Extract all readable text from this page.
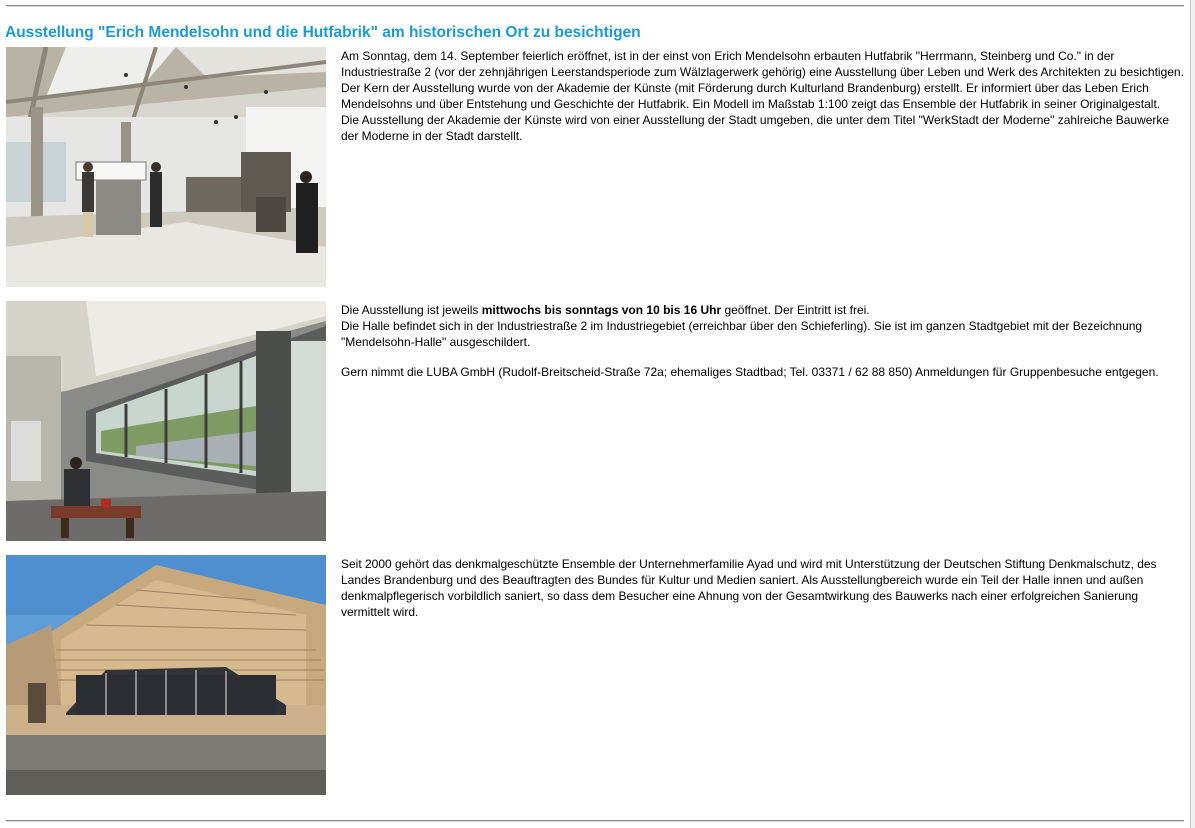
Ausstellung "Erich Mendelsohn und die Hutfabrik" am historischen Ort zu besichtigen

Am Sonntag, dem 14. September feierlich eröffnet, ist in der einst von Erich Mendelsohn erbauten Hutfabrik "Herrmann, Steinberg und Co." in der Industriestraße 2 (vor der zehnjährigen Leerstandsperiode zum Wälzlagerwerk gehörig) eine Ausstellung über Leben und Werk des Architekten zu besichtigen.

Der Kern der Ausstellung wurde von der Akademie der Künste (mit Förderung durch Kulturland Brandenburg) erstellt. Er informiert über das Leben Erich Mendelsohns und über Entstehung und Geschichte der Hutfabrik. Ein Modell im Maßstab 1:100 zeigt das Ensemble der Hutfabrik in seiner Originalgestalt.

Die Ausstellung der Akademie der Künste wird von einer Ausstellung der Stadt umgeben, die unter dem Titel "WerkStadt der Moderne" zahlreiche Bauwerke der Moderne in der Stadt darstellt.

Die Ausstellung ist jeweils mittwochs bis sonntags von 10 bis 16 Uhr geöffnet. Der Eintritt ist frei.

Die Halle befindet sich in der Industriestraße 2 im Industriegebiet (erreichbar über den Schieferling). Sie ist im ganzen Stadtgebiet mit der Bezeichnung "Mendelsohn-Halle" ausgeschildert.

Gern nimmt die LUBA GmbH (Rudolf-Breitscheid-Straße 72a; ehemaliges Stadtbad; Tel. 03371 / 62 88 850) Anmeldungen für Gruppenbesuche entgegen.

Seit 2000 gehört das denkmalgeschützte Ensemble der Unternehmerfamilie Ayad und wird mit Unterstützung der Deutschen Stiftung Denkmalschutz, des Landes Brandenburg und des Beauftragten des Bundes für Kultur und Medien saniert. Als Ausstellungbereich wurde ein Teil der Halle innen und außen denkmalpflegerisch vorbildlich saniert, so dass dem Besucher eine Ahnung von der Gesamtwirkung des Bauwerks nach einer erfolgreichen Sanierung vermittelt wird.
